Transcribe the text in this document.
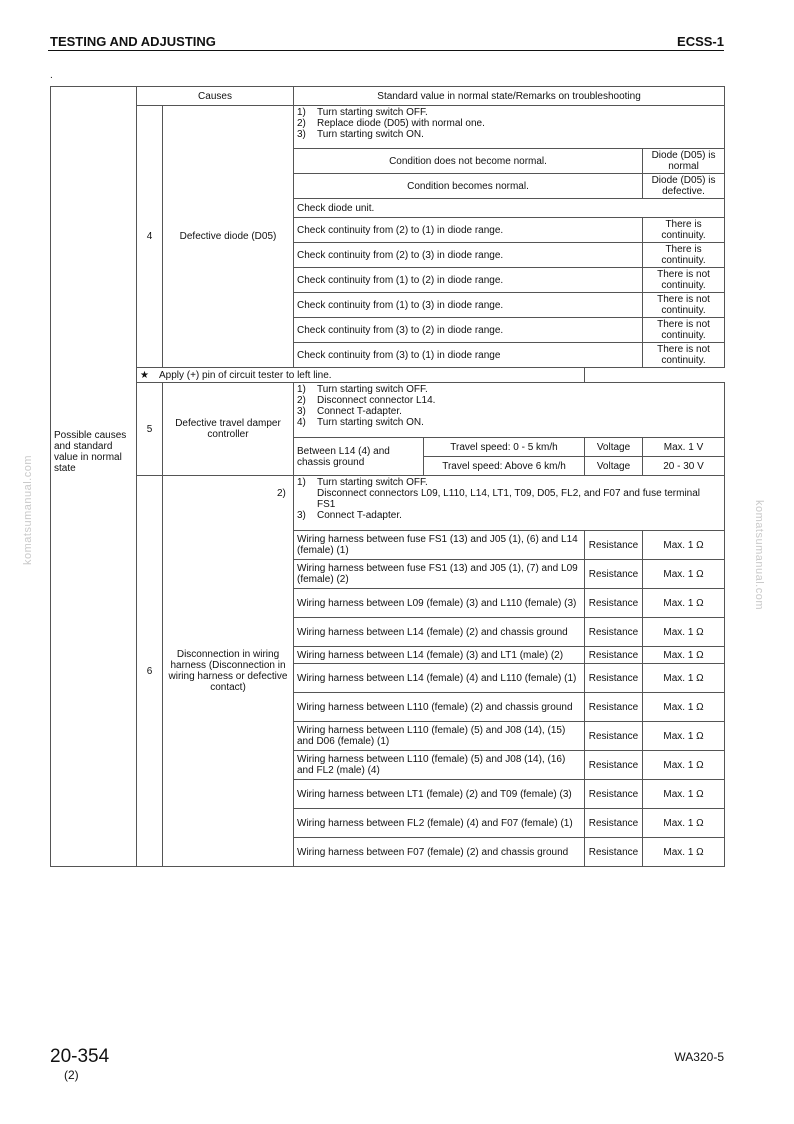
TESTING AND ADJUSTING	ECSS-1
.
komatsumanual.com	komatsumanual.com
Possible causes and standard value in normal state	Causes		Standard value in normal state/Remarks on troubleshooting			
	4	Defective diode (D05)	1) Turn starting switch OFF.
2) Replace diode (D05) with normal one.
3) Turn starting switch ON.			

			Condition does not become normal.			Diode (D05) is normal
			Condition becomes normal.			Diode (D05) is defective.
			Check diode unit.			
			Check continuity from (2) to (1) in diode range.			There is continuity.
			Check continuity from (2) to (3) in diode range.			There is continuity.
			Check continuity from (1) to (2) in diode range.			There is not continuity.
			Check continuity from (1) to (3) in diode range.			There is not continuity.
			Check continuity from (3) to (2) in diode range.			There is not continuity.
			Check continuity from (3) to (1) in diode range			There is not continuity.
	★ Apply (+) pin of circuit tester to left line.					
	5	Defective travel damper controller	1) Turn starting switch OFF.
2) Disconnect connector L14.
3) Connect T-adapter.
4) Turn starting switch ON.			

			Between L14 (4) and chassis ground	Travel speed: 0 - 5 km/h	Voltage	Max. 1 V
				Travel speed: Above 6 km/h	Voltage	20 - 30 V
	6	Disconnection in wiring harness (Disconnection in wiring harness or defective contact)	1) Turn starting switch OFF.
2) Disconnect connectors L09, L110, L14, LT1, T09, D05, FL2, and F07 and fuse terminal FS1
3) Connect T-adapter.			

			Wiring harness between fuse FS1 (13) and J05 (1), (6) and L14 (female) (1)		Resistance	Max. 1 Ω
			Wiring harness between fuse FS1 (13) and J05 (1), (7) and L09 (female) (2)		Resistance	Max. 1 Ω
			Wiring harness between L09 (female) (3) and L110 (female) (3)		Resistance	Max. 1 Ω
			Wiring harness between L14 (female) (2) and chassis ground		Resistance	Max. 1 Ω
			Wiring harness between L14 (female) (3) and LT1 (male) (2)		Resistance	Max. 1 Ω
			Wiring harness between L14 (female) (4) and L110 (female) (1)		Resistance	Max. 1 Ω
			Wiring harness between L110 (female) (2) and chassis ground		Resistance	Max. 1 Ω
			Wiring harness between L110 (female) (5) and J08 (14), (15) and D06 (female) (1)		Resistance	Max. 1 Ω
			Wiring harness between L110 (female) (5) and J08 (14), (16) and FL2 (male) (4)		Resistance	Max. 1 Ω
			Wiring harness between LT1 (female) (2) and T09 (female) (3)		Resistance	Max. 1 Ω
			Wiring harness between FL2 (female) (4) and F07 (female) (1)		Resistance	Max. 1 Ω
			Wiring harness between F07 (female) (2) and chassis ground		Resistance	Max. 1 Ω
20-354
(2)
WA320-5
